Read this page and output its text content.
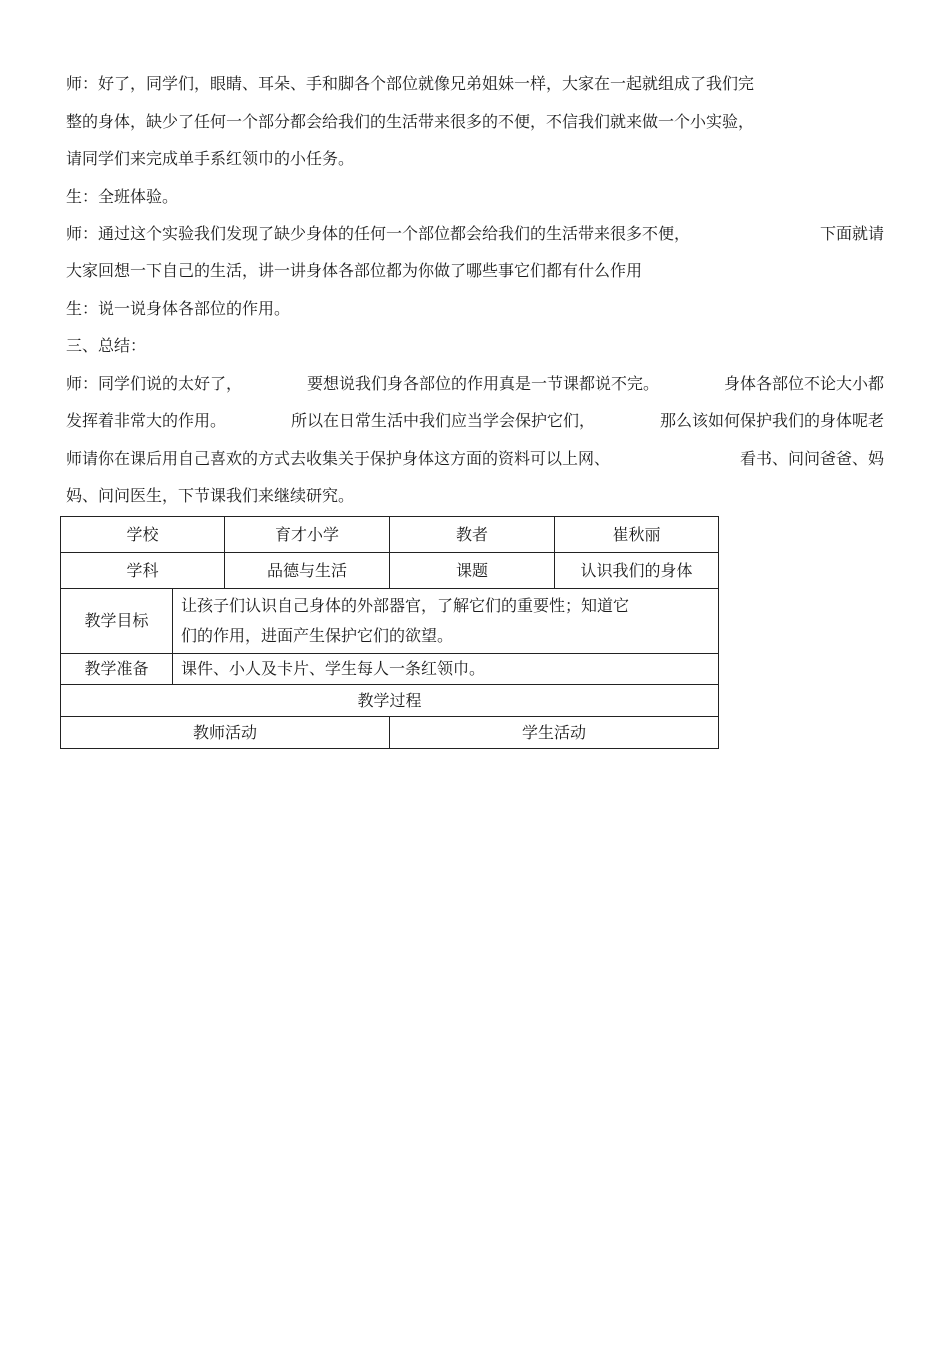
师：好了，同学们，眼睛、耳朵、手和脚各个部位就像兄弟姐妹一样，大家在一起就组成了我们完
整的身体，缺少了任何一个部分都会给我们的生活带来很多的不便，不信我们就来做一个小实验，
请同学们来完成单手系红领巾的小任务。
生：全班体验。
师：通过这个实验我们发现了缺少身体的任何一个部位都会给我们的生活带来很多不便，	下面就请
大家回想一下自己的生活，讲一讲身体各部位都为你做了哪些事它们都有什么作用
生：说一说身体各部位的作用。
三、总结：
师：同学们说的太好了，	要想说我们身各部位的作用真是一节课都说不完。	身体各部位不论大小都
发挥着非常大的作用。	所以在日常生活中我们应当学会保护它们，	那么该如何保护我们的身体呢老
师请你在课后用自己喜欢的方式去收集关于保护身体这方面的资料可以上网、	看书、问问爸爸、妈
妈、问问医生，下节课我们来继续研究。
学校		育才小学	教者	崔秋丽
学科		品德与生活	课题	认识我们的身体
教学目标	让孩子们认识自己身体的外部器官，了解它们的重要性；知道它
们的作用，进面产生保护它们的欲望。			

教学准备	课件、小人及卡片、学生每人一条红领巾。			
教学过程				
教师活动			学生活动	
